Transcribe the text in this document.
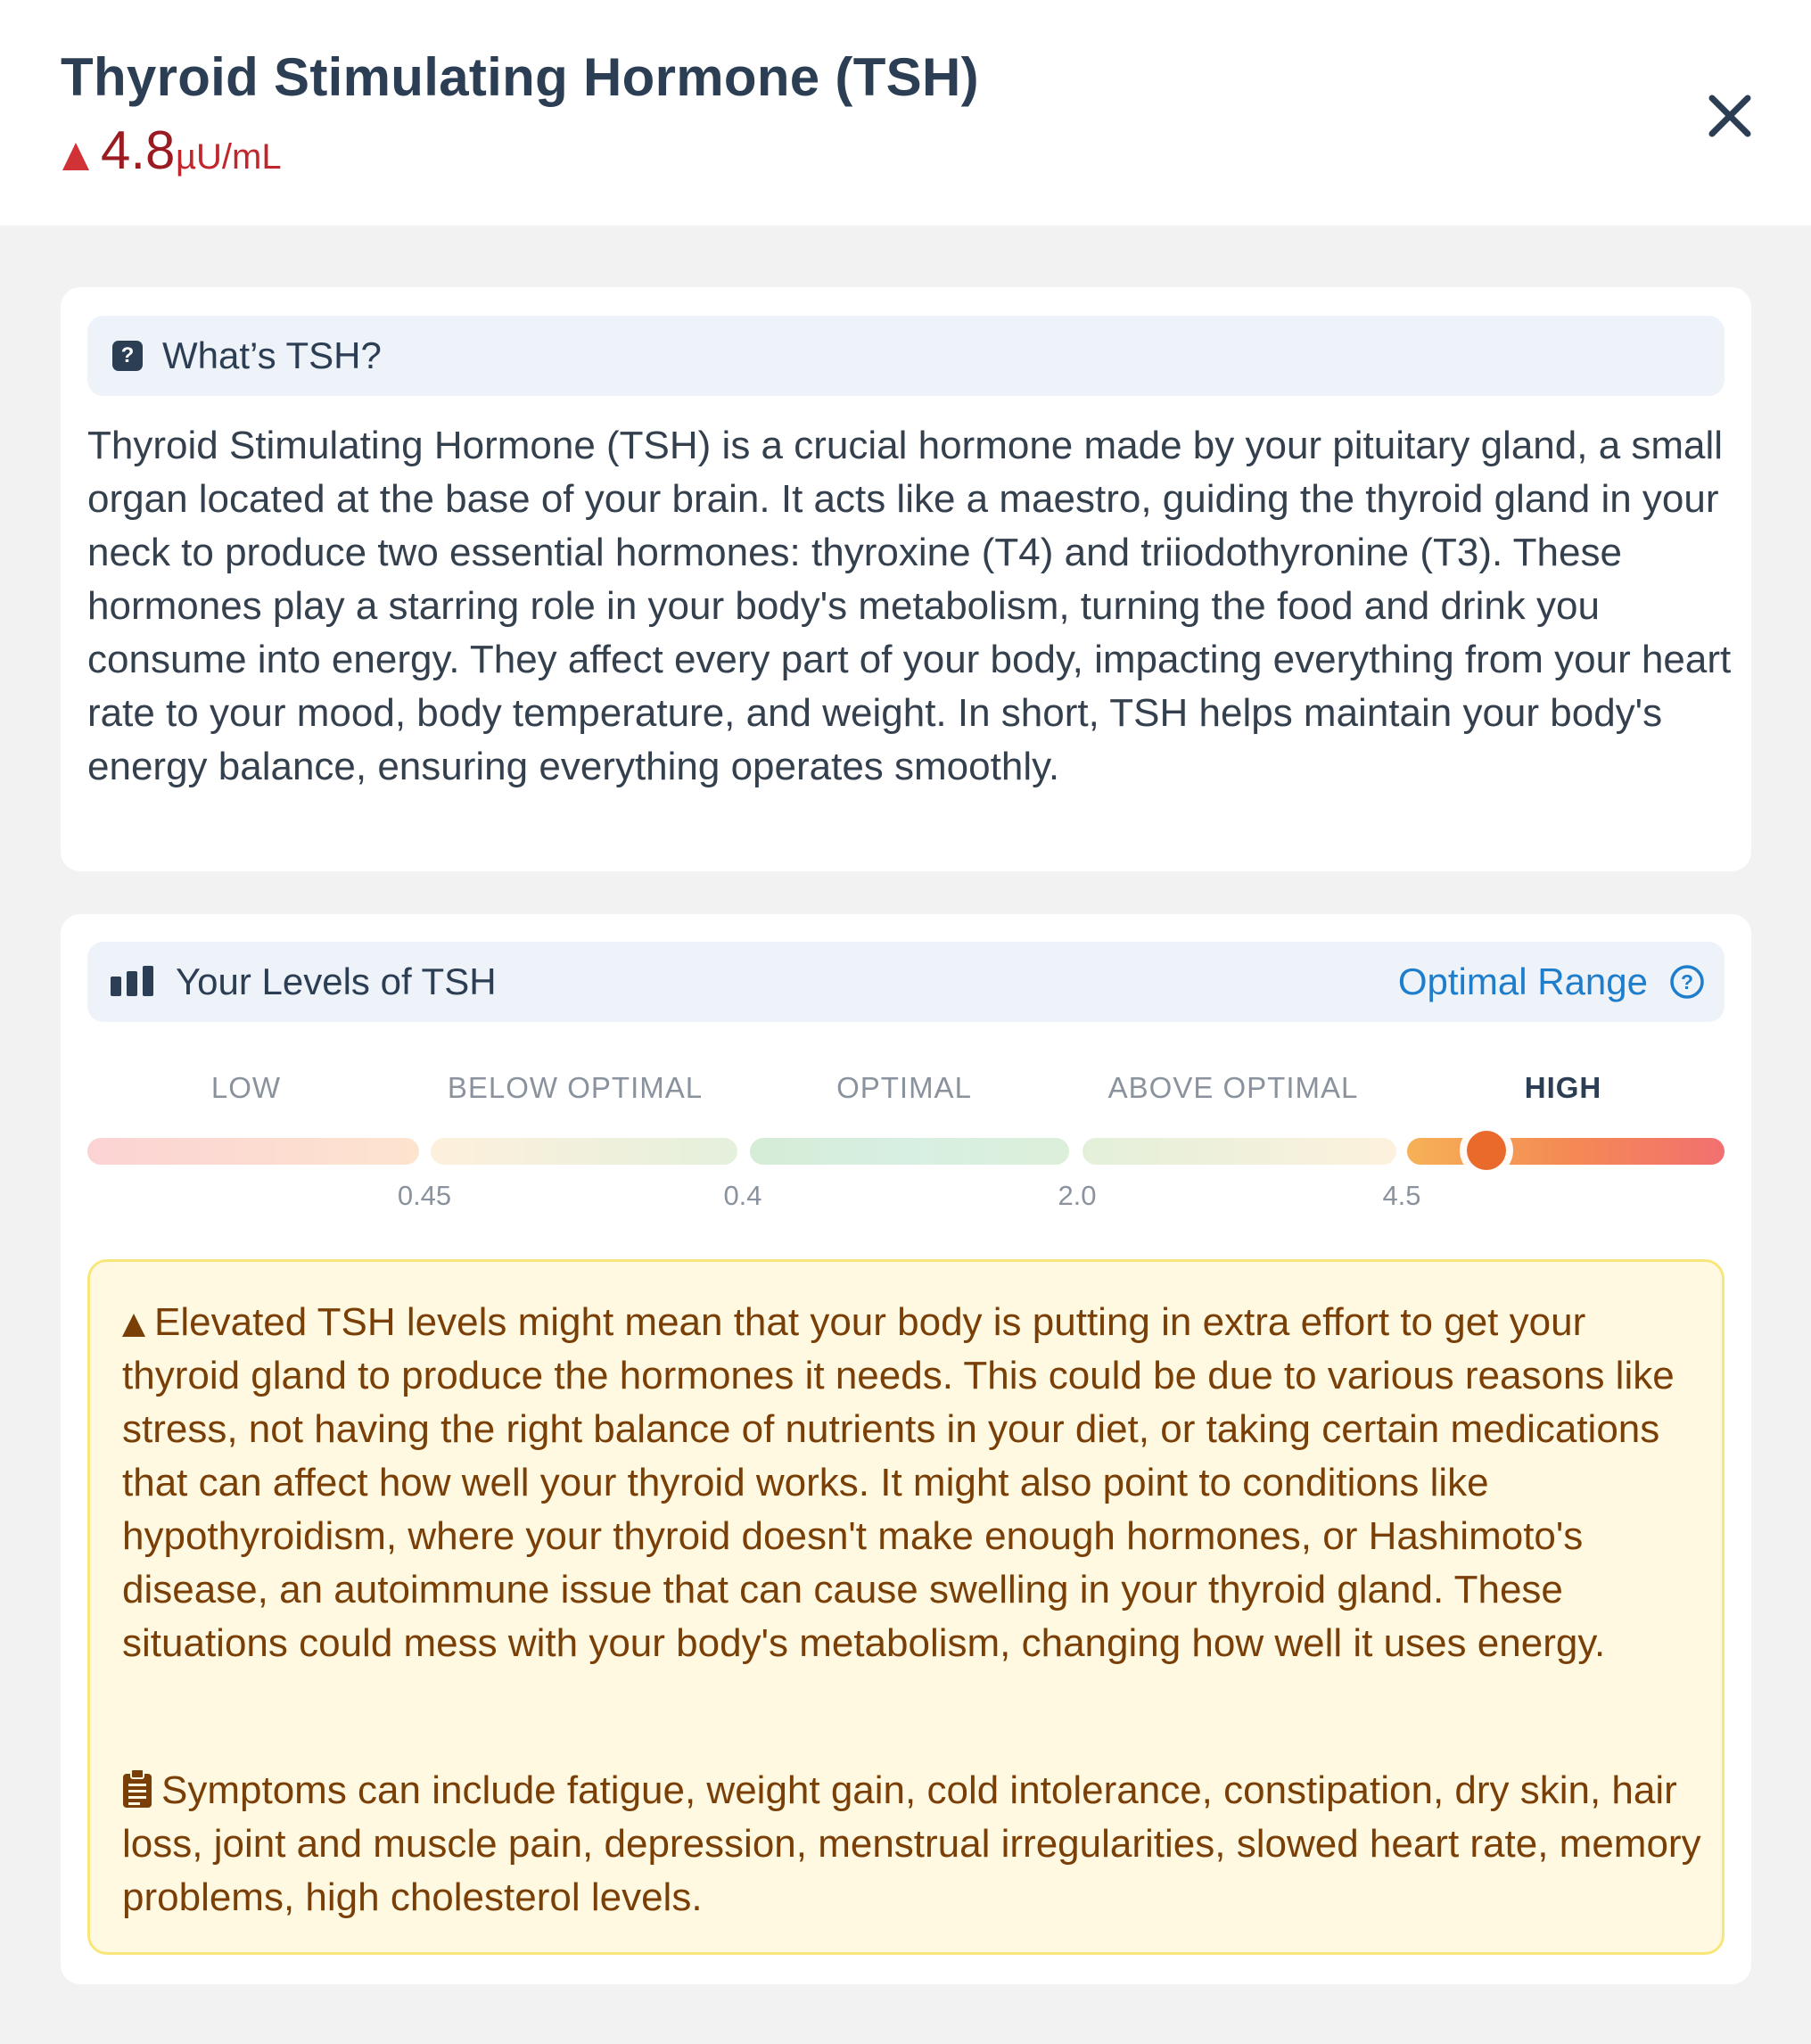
Thyroid Stimulating Hormone (TSH)
4.8 µU/mL
? What’s TSH?

Thyroid Stimulating Hormone (TSH) is a crucial hormone made by your pituitary gland, a small organ located at the base of your brain. It acts like a maestro, guiding the thyroid gland in your neck to produce two essential hormones: thyroxine (T4) and triiodothyronine (T3). These hormones play a starring role in your body's metabolism, turning the food and drink you consume into energy. They affect every part of your body, impacting everything from your heart rate to your mood, body temperature, and weight. In short, TSH helps maintain your body's energy balance, ensuring everything operates smoothly.

Your Levels of TSH	Optimal Range ?
LOW	BELOW OPTIMAL	OPTIMAL	ABOVE OPTIMAL	HIGH
0.45	0.4	2.0	4.5

Elevated TSH levels might mean that your body is putting in extra effort to get your thyroid gland to produce the hormones it needs. This could be due to various reasons like stress, not having the right balance of nutrients in your diet, or taking certain medications that can affect how well your thyroid works. It might also point to conditions like hypothyroidism, where your thyroid doesn't make enough hormones, or Hashimoto's disease, an autoimmune issue that can cause swelling in your thyroid gland. These situations could mess with your body's metabolism, changing how well it uses energy.

Symptoms can include fatigue, weight gain, cold intolerance, constipation, dry skin, hair loss, joint and muscle pain, depression, menstrual irregularities, slowed heart rate, memory problems, high cholesterol levels.
